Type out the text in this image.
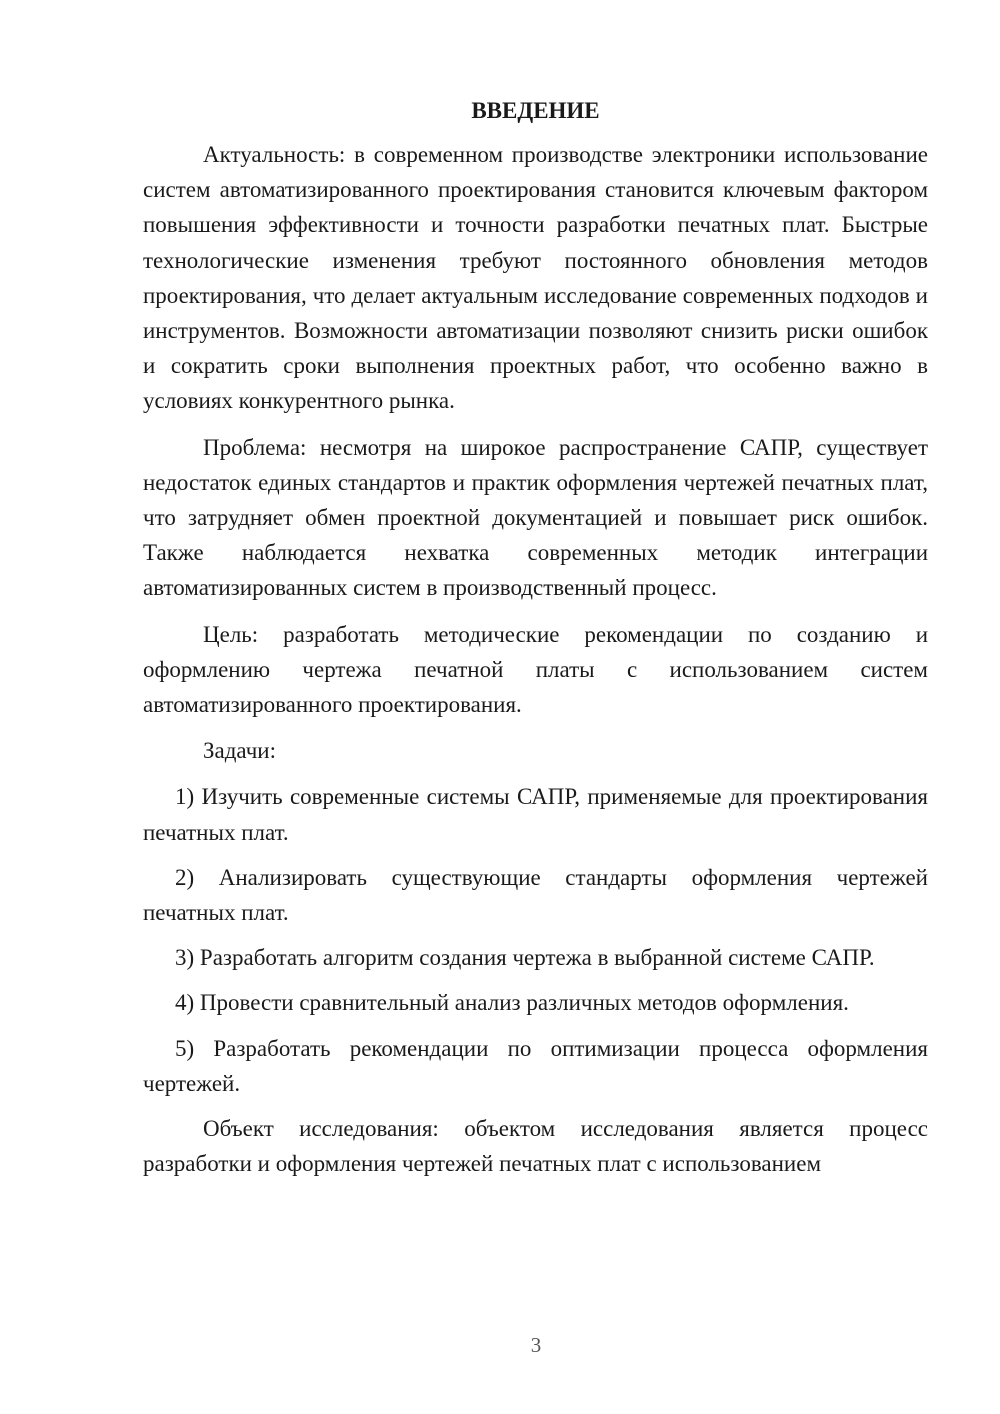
ВВЕДЕНИЕ

Актуальность: в современном производстве электроники использование систем автоматизированного проектирования становится ключевым фактором повышения эффективности и точности разработки печатных плат. Быстрые технологические изменения требуют постоянного обновления методов проектирования, что делает актуальным исследование современных подходов и инструментов. Возможности автоматизации позволяют снизить риски ошибок и сократить сроки выполнения проектных работ, что особенно важно в условиях конкурентного рынка.

Проблема: несмотря на широкое распространение САПР, существует недостаток единых стандартов и практик оформления чертежей печатных плат, что затрудняет обмен проектной документацией и повышает риск ошибок. Также наблюдается нехватка современных методик интеграции автоматизированных систем в производственный процесс.

Цель: разработать методические рекомендации по созданию и оформлению чертежа печатной платы с использованием систем автоматизированного проектирования.

Задачи:

1) Изучить современные системы САПР, применяемые для проектирования печатных плат.

2) Анализировать существующие стандарты оформления чертежей печатных плат.

3) Разработать алгоритм создания чертежа в выбранной системе САПР.

4) Провести сравнительный анализ различных методов оформления.

5) Разработать рекомендации по оптимизации процесса оформления чертежей.

Объект исследования: объектом исследования является процесс разработки и оформления чертежей печатных плат с использованием

3
